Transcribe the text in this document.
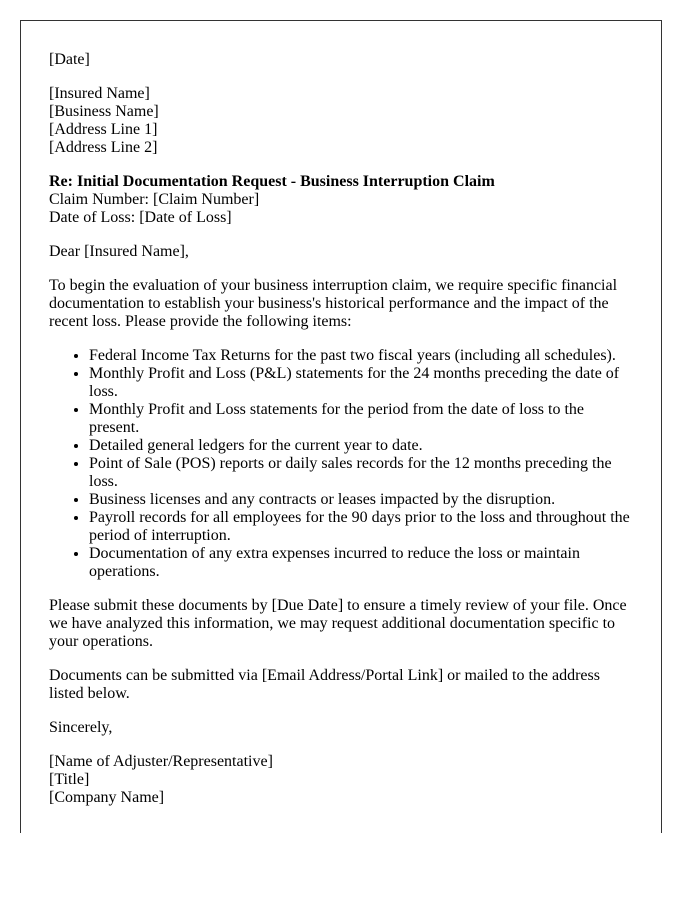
[Date]

[Insured Name]
[Business Name]
[Address Line 1]
[Address Line 2]

Re: Initial Documentation Request - Business Interruption Claim
Claim Number: [Claim Number]
Date of Loss: [Date of Loss]

Dear [Insured Name],

To begin the evaluation of your business interruption claim, we require specific financial documentation to establish your business's historical performance and the impact of the recent loss. Please provide the following items:

• Federal Income Tax Returns for the past two fiscal years (including all schedules).
• Monthly Profit and Loss (P&L) statements for the 24 months preceding the date of loss.
• Monthly Profit and Loss statements for the period from the date of loss to the present.
• Detailed general ledgers for the current year to date.
• Point of Sale (POS) reports or daily sales records for the 12 months preceding the loss.
• Business licenses and any contracts or leases impacted by the disruption.
• Payroll records for all employees for the 90 days prior to the loss and throughout the period of interruption.
• Documentation of any extra expenses incurred to reduce the loss or maintain operations.

Please submit these documents by [Due Date] to ensure a timely review of your file. Once we have analyzed this information, we may request additional documentation specific to your operations.

Documents can be submitted via [Email Address/Portal Link] or mailed to the address listed below.

Sincerely,

[Name of Adjuster/Representative]
[Title]
[Company Name]
